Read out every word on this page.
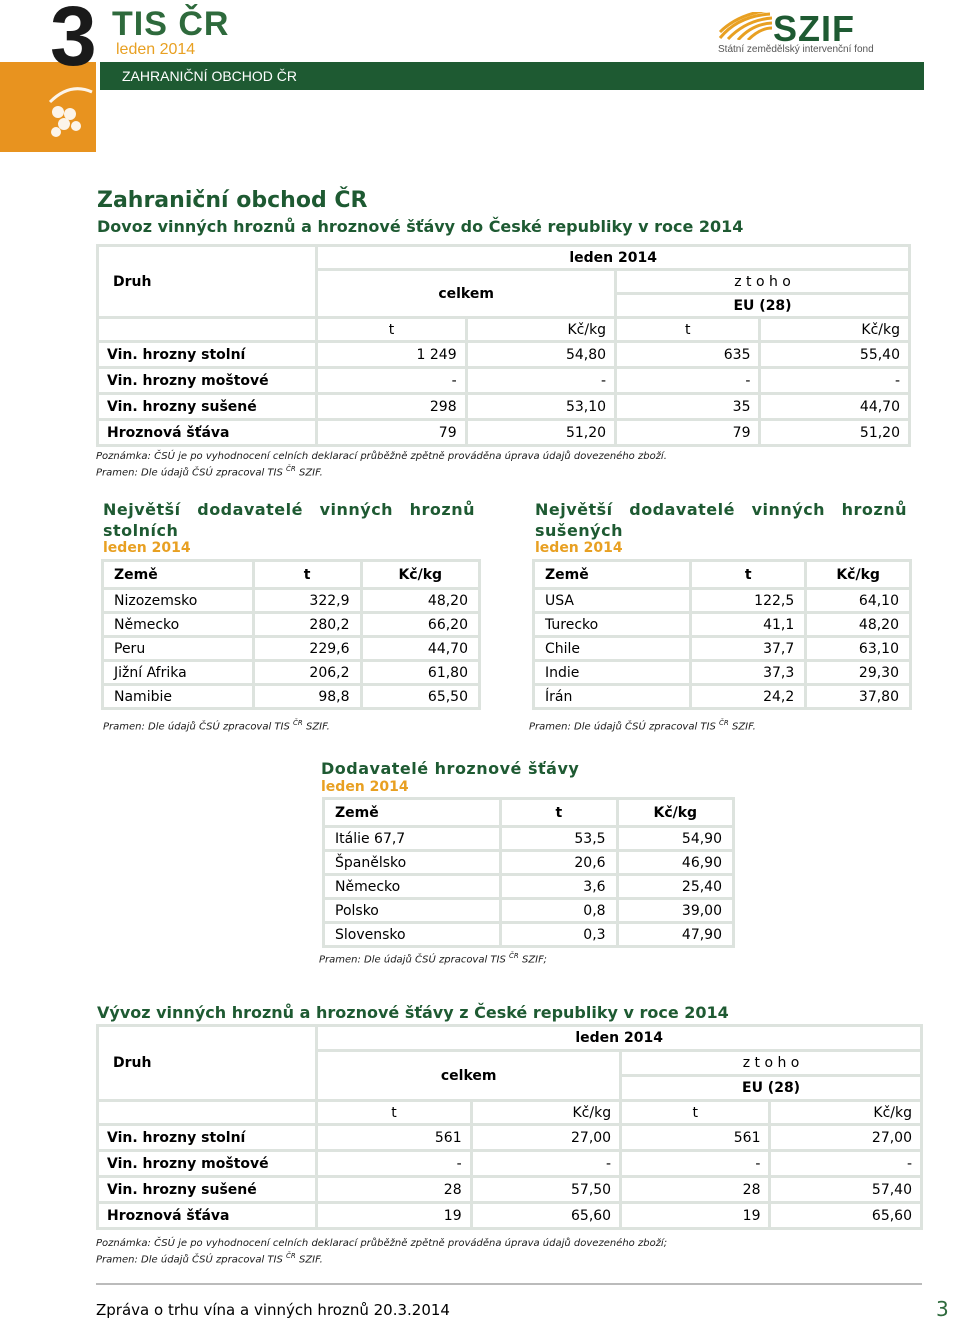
3 TIS ČR
leden 2014
ZAHRANIČNÍ OBCHOD ČR
SZIF
Státní zemědělský intervenční fond
Zahraniční obchod ČR
Dovoz vinných hroznů a hroznové šťávy do České republiky v roce 2014
Druh	leden 2014			
	celkem		z t o h o	
			EU (28)	
	t	Kč/kg	t	Kč/kg
Vin. hrozny stolní	1 249	54,80	635	55,40
Vin. hrozny moštové	-	-	-	-
Vin. hrozny sušené	298	53,10	35	44,70
Hroznová šťáva	79	51,20	79	51,20
Poznámka: ČSÚ je po vyhodnocení celních deklarací průběžně zpětně prováděna úprava údajů dovezeného zboží.
Pramen: Dle údajů ČSÚ zpracoval TIS $^{ČR}$ SZIF.
Největší dodavatelé vinných hroznů stolních
leden 2014
Země	t	Kč/kg
Nizozemsko	322,9	48,20
Německo	280,2	66,20
Peru	229,6	44,70
Jižní Afrika	206,2	61,80
Namibie	98,8	65,50
Pramen: Dle údajů ČSÚ zpracoval TIS $^{ČR}$ SZIF.
Největší dodavatelé vinných hroznů sušených
leden 2014
Země	t	Kč/kg
USA	122,5	64,10
Turecko	41,1	48,20
Chile	37,7	63,10
Indie	37,3	29,30
Írán	24,2	37,80
Pramen: Dle údajů ČSÚ zpracoval TIS $^{ČR}$ SZIF.
Dodavatelé hroznové šťávy
leden 2014
Země	t	Kč/kg
Itálie 67,7	53,5	54,90
Španělsko	20,6	46,90
Německo	3,6	25,40
Polsko	0,8	39,00
Slovensko	0,3	47,90
Pramen: Dle údajů ČSÚ zpracoval TIS $^{ČR}$ SZIF;
Vývoz vinných hroznů a hroznové šťávy z České republiky v roce 2014
Druh	leden 2014			
	celkem		z t o h o	
			EU (28)	
	t	Kč/kg	t	Kč/kg
Vin. hrozny stolní	561	27,00	561	27,00
Vin. hrozny moštové	-	-	-	-
Vin. hrozny sušené	28	57,50	28	57,40
Hroznová šťáva	19	65,60	19	65,60
Poznámka: ČSÚ je po vyhodnocení celních deklarací průběžně zpětně prováděna úprava údajů dovezeného zboží;
Pramen: Dle údajů ČSÚ zpracoval TIS $^{ČR}$ SZIF.
Zpráva o trhu vína a vinných hroznů 20.3.2014	3
